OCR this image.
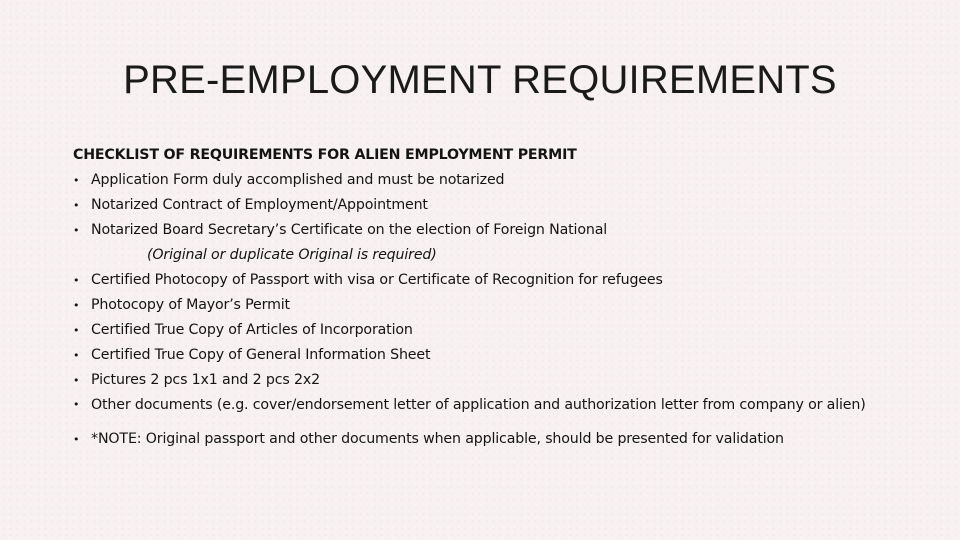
PRE-EMPLOYMENT REQUIREMENTS
CHECKLIST OF REQUIREMENTS FOR ALIEN EMPLOYMENT PERMIT
• Application Form duly accomplished and must be notarized
• Notarized Contract of Employment/Appointment
• Notarized Board Secretary’s Certificate on the election of Foreign National
(Original or duplicate Original is required)
• Certified Photocopy of Passport with visa or Certificate of Recognition for refugees
• Photocopy of Mayor’s Permit
• Certified True Copy of Articles of Incorporation
• Certified True Copy of General Information Sheet
• Pictures 2 pcs 1x1 and 2 pcs 2x2
• Other documents (e.g. cover/endorsement letter of application and authorization letter from company or alien)
• *NOTE: Original passport and other documents when applicable, should be presented for validation
